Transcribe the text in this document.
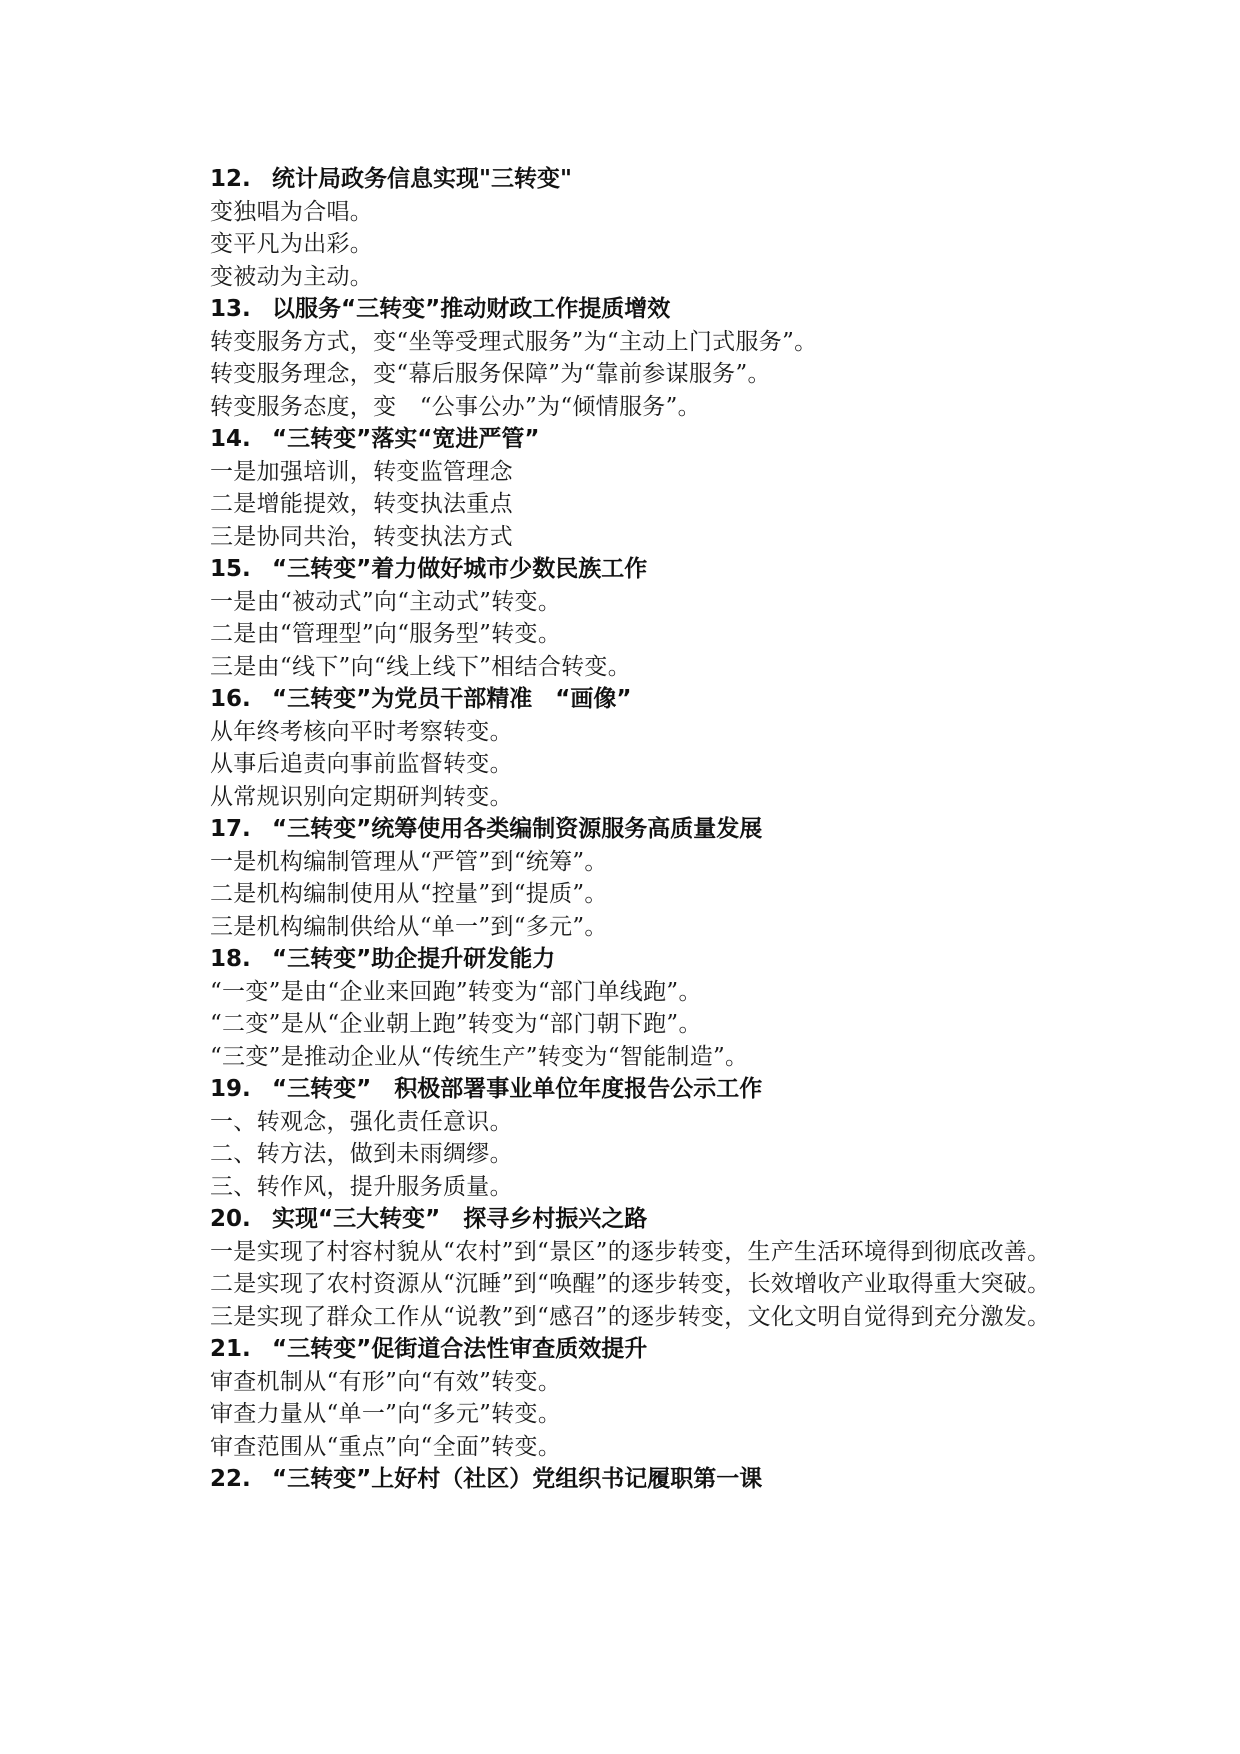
12. 统计局政务信息实现"三转变"
变独唱为合唱。
变平凡为出彩。
变被动为主动。
13. 以服务“三转变”推动财政工作提质增效
转变服务方式，变“坐等受理式服务”为“主动上门式服务”。
转变服务理念，变“幕后服务保障”为“靠前参谋服务”。
转变服务态度，变　“公事公办”为“倾情服务”。
14. “三转变”落实“宽进严管”
一是加强培训，转变监管理念
二是增能提效，转变执法重点
三是协同共治，转变执法方式
15. “三转变”着力做好城市少数民族工作
一是由“被动式”向“主动式”转变。
二是由“管理型”向“服务型”转变。
三是由“线下”向“线上线下”相结合转变。
16. “三转变”为党员干部精准　“画像”
从年终考核向平时考察转变。
从事后追责向事前监督转变。
从常规识别向定期研判转变。
17. “三转变”统筹使用各类编制资源服务高质量发展
一是机构编制管理从“严管”到“统筹”。
二是机构编制使用从“控量”到“提质”。
三是机构编制供给从“单一”到“多元”。
18. “三转变”助企提升研发能力
“一变”是由“企业来回跑”转变为“部门单线跑”。
“二变”是从“企业朝上跑”转变为“部门朝下跑”。
“三变”是推动企业从“传统生产”转变为“智能制造”。
19. “三转变”　积极部署事业单位年度报告公示工作
一、转观念，强化责任意识。
二、转方法，做到未雨绸缪。
三、转作风，提升服务质量。
20. 实现“三大转变”　探寻乡村振兴之路
一是实现了村容村貌从“农村”到“景区”的逐步转变，生产生活环境得到彻底改善。
二是实现了农村资源从“沉睡”到“唤醒”的逐步转变，长效增收产业取得重大突破。
三是实现了群众工作从“说教”到“感召”的逐步转变，文化文明自觉得到充分激发。
21. “三转变”促街道合法性审查质效提升
审查机制从“有形”向“有效”转变。
审查力量从“单一”向“多元”转变。
审查范围从“重点”向“全面”转变。
22. “三转变”上好村（社区）党组织书记履职第一课
